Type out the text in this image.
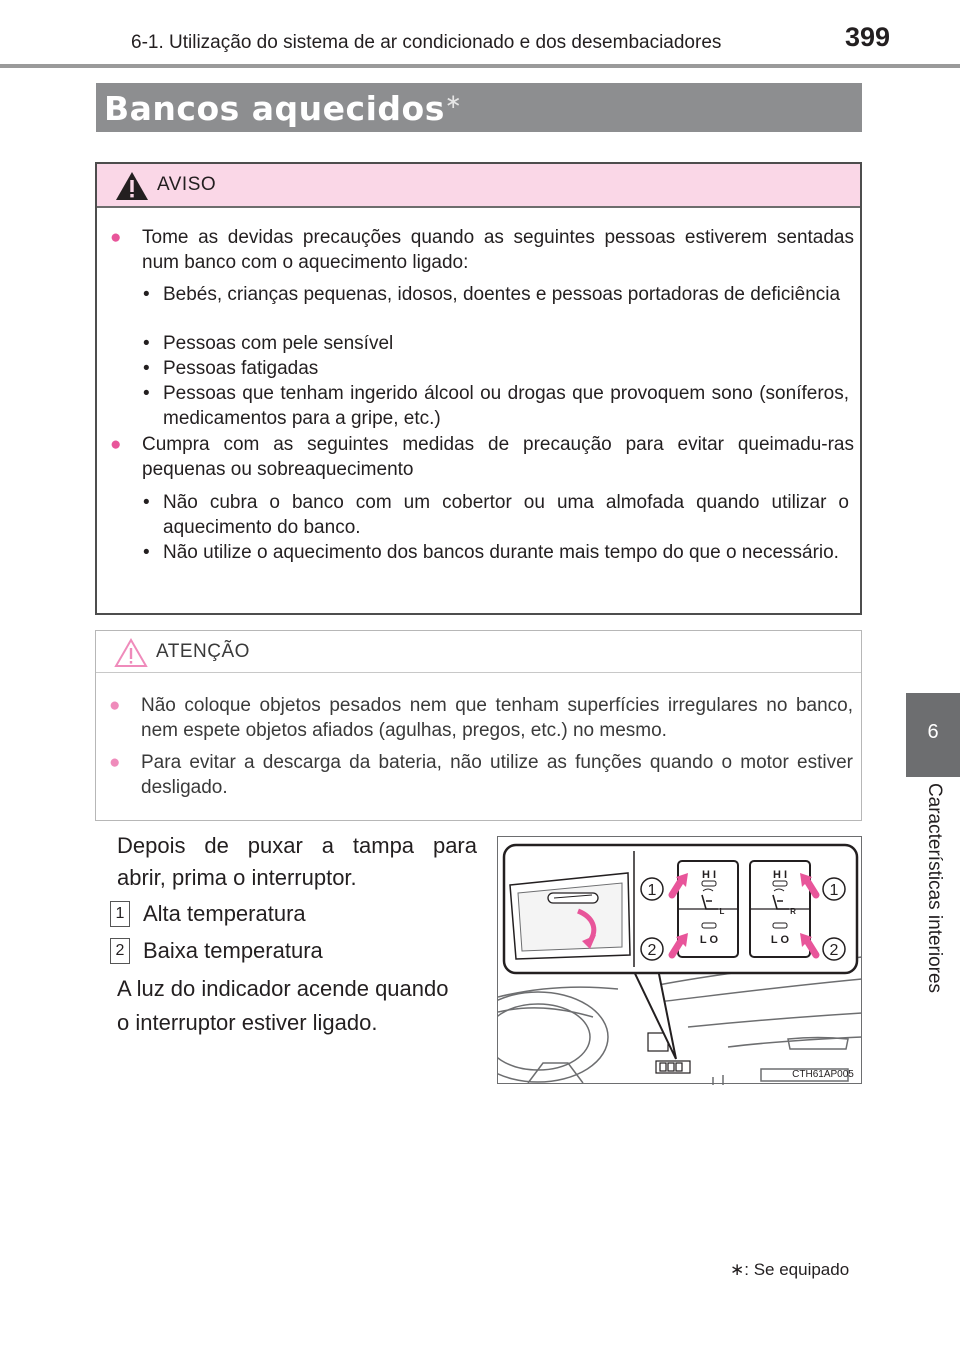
6-1. Utilização do sistema de ar condicionado e dos desembaciadores	399
6
Características interiores
Bancos aquecidos∗
AVISO
● Tome as devidas precauções quando as seguintes pessoas estiverem sentadas num banco com o aquecimento ligado:
• Bebés, crianças pequenas, idosos, doentes e pessoas portadoras de deficiência
• Pessoas com pele sensível
• Pessoas fatigadas
• Pessoas que tenham ingerido álcool ou drogas que provoquem sono (soníferos, medicamentos para a gripe, etc.)
● Cumpra com as seguintes medidas de precaução para evitar queimadu-ras pequenas ou sobreaquecimento
• Não cubra o banco com um cobertor ou uma almofada quando utilizar o aquecimento do banco.
• Não utilize o aquecimento dos bancos durante mais tempo do que o necessário.
ATENÇÃO
● Não coloque objetos pesados nem que tenham superfícies irregulares no banco, nem espete objetos afiados (agulhas, pregos, etc.) no mesmo.
● Para evitar a descarga da bateria, não utilize as funções quando o motor estiver desligado.
Depois de puxar a tampa para
abrir, prima o interruptor.
1 Alta temperatura
2 Baixa temperatura
A luz do indicador acende quando
o interruptor estiver ligado.
1
2
1
2
H I
L O
H I
L O
L	R
CTH61AP005
∗: Se equipado
